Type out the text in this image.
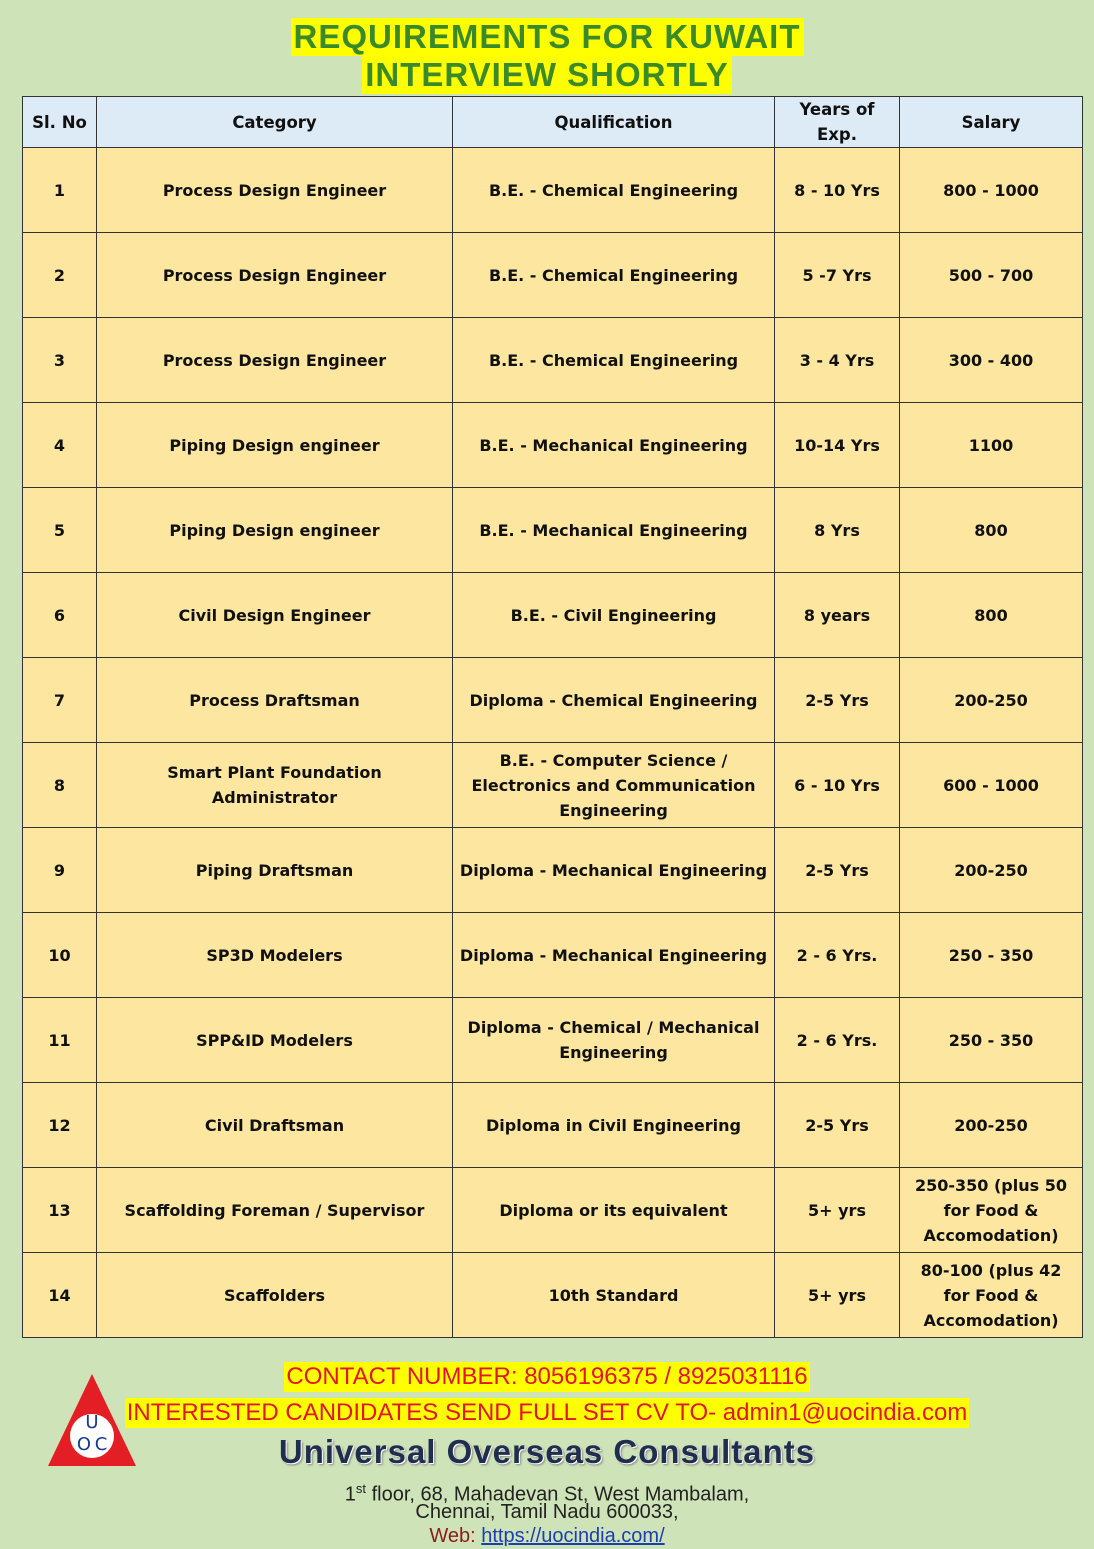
REQUIREMENTS FOR KUWAIT
INTERVIEW SHORTLY
Sl. No	Category	Qualification	Years of Exp.	Salary
1	Process Design Engineer	B.E. - Chemical Engineering	8 - 10 Yrs	800 - 1000
2	Process Design Engineer	B.E. - Chemical Engineering	5 -7 Yrs	500 - 700
3	Process Design Engineer	B.E. - Chemical Engineering	3 - 4 Yrs	300 - 400
4	Piping Design engineer	B.E. - Mechanical Engineering	10-14 Yrs	1100
5	Piping Design engineer	B.E. - Mechanical Engineering	8 Yrs	800
6	Civil Design Engineer	B.E. - Civil Engineering	8 years	800
7	Process Draftsman	Diploma - Chemical Engineering	2-5 Yrs	200-250
8	Smart Plant Foundation Administrator	B.E. - Computer Science / Electronics and Communication Engineering	6 - 10 Yrs	600 - 1000
9	Piping Draftsman	Diploma - Mechanical Engineering	2-5 Yrs	200-250
10	SP3D Modelers	Diploma - Mechanical Engineering	2 - 6 Yrs.	250 - 350
11	SPP&ID Modelers	Diploma - Chemical / Mechanical Engineering	2 - 6 Yrs.	250 - 350
12	Civil Draftsman	Diploma in Civil Engineering	2-5 Yrs	200-250
13	Scaffolding Foreman / Supervisor	Diploma or its equivalent	5+ yrs	250-350 (plus 50 for Food & Accomodation)
14	Scaffolders	10th Standard	5+ yrs	80-100 (plus 42 for Food & Accomodation)
U
O C
CONTACT NUMBER: 8056196375 / 8925031116
INTERESTED CANDIDATES SEND FULL SET CV TO- admin1@uocindia.com
Universal Overseas Consultants
1st floor, 68, Mahadevan St, West Mambalam,
Chennai, Tamil Nadu 600033,
Web: https://uocindia.com/
